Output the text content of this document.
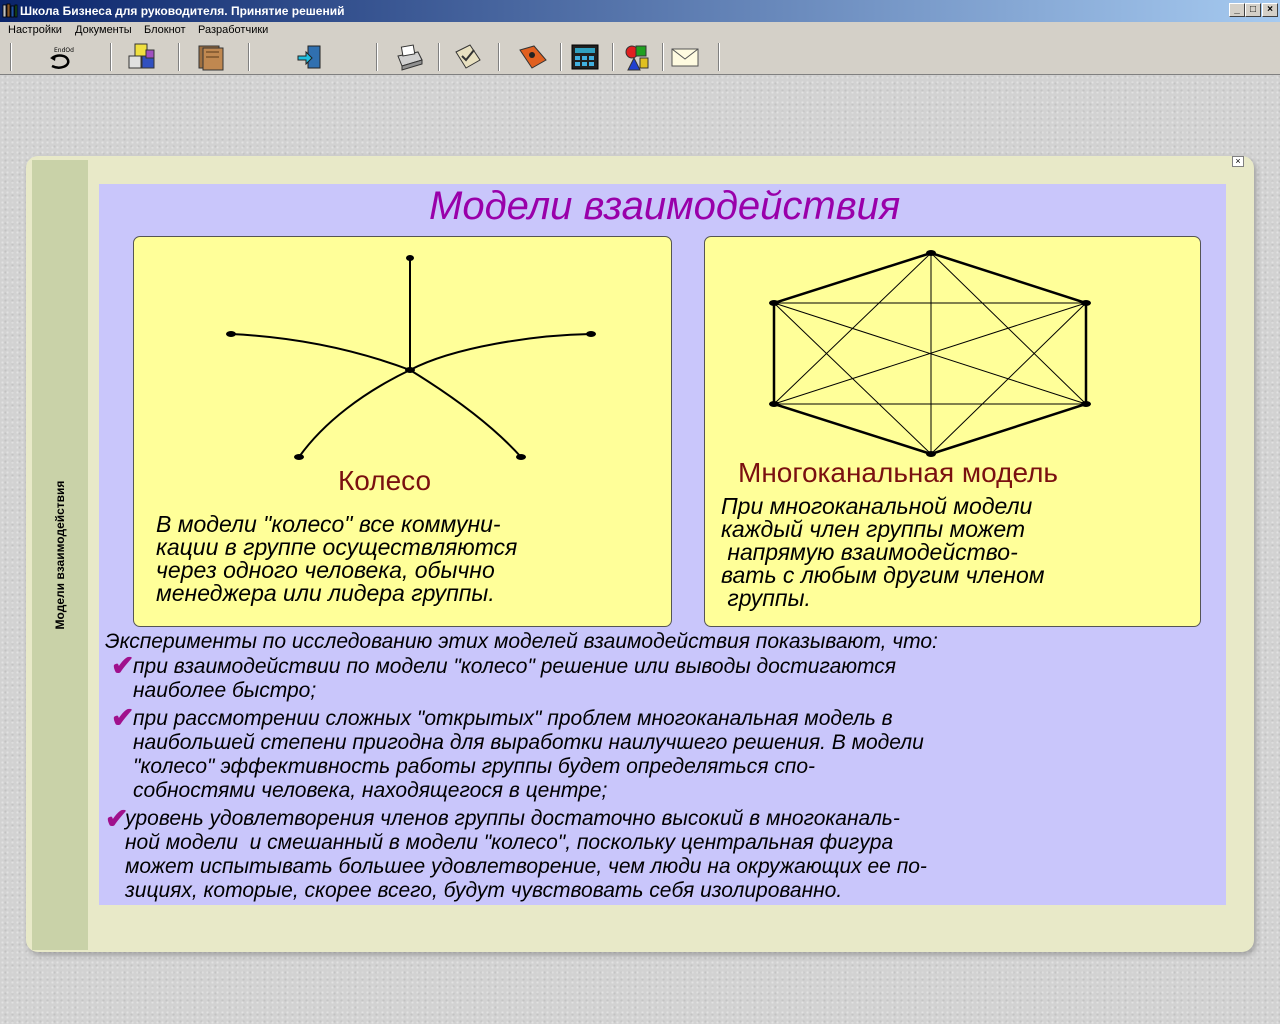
Школа Бизнеса для руководителя. Принятие решений	_	□	×
Настройки Документы Блокнот Разработчики
EndOd
Модели взаимодействия
×
Модели взаимодействия
Колесо
В модели "колесо" все коммуни-
кации в группе осуществляются
через одного человека, обычно
менеджера или лидера группы.
Многоканальная модель
При многоканальной модели
каждый член группы может
напрямую взаимодейство-
вать с любым другим членом
группы.
Эксперименты по исследованию этих моделей взаимодействия показывают, что:
✔
при взаимодействии по модели "колесо" решение или выводы достигаются
наиболее быстро;
✔
при рассмотрении сложных "открытых" проблем многоканальная модель в
наибольшей степени пригодна для выработки наилучшего решения. В модели
"колесо" эффективность работы группы будет определяться спо-
собностями человека, находящегося в центре;
✔
уровень удовлетворения членов группы достаточно высокий в многоканаль-
ной модели  и смешанный в модели "колесо", поскольку центральная фигура
может испытывать большее удовлетворение, чем люди на окружающих ее по-
зициях, которые, скорее всего, будут чувствовать себя изолированно.
